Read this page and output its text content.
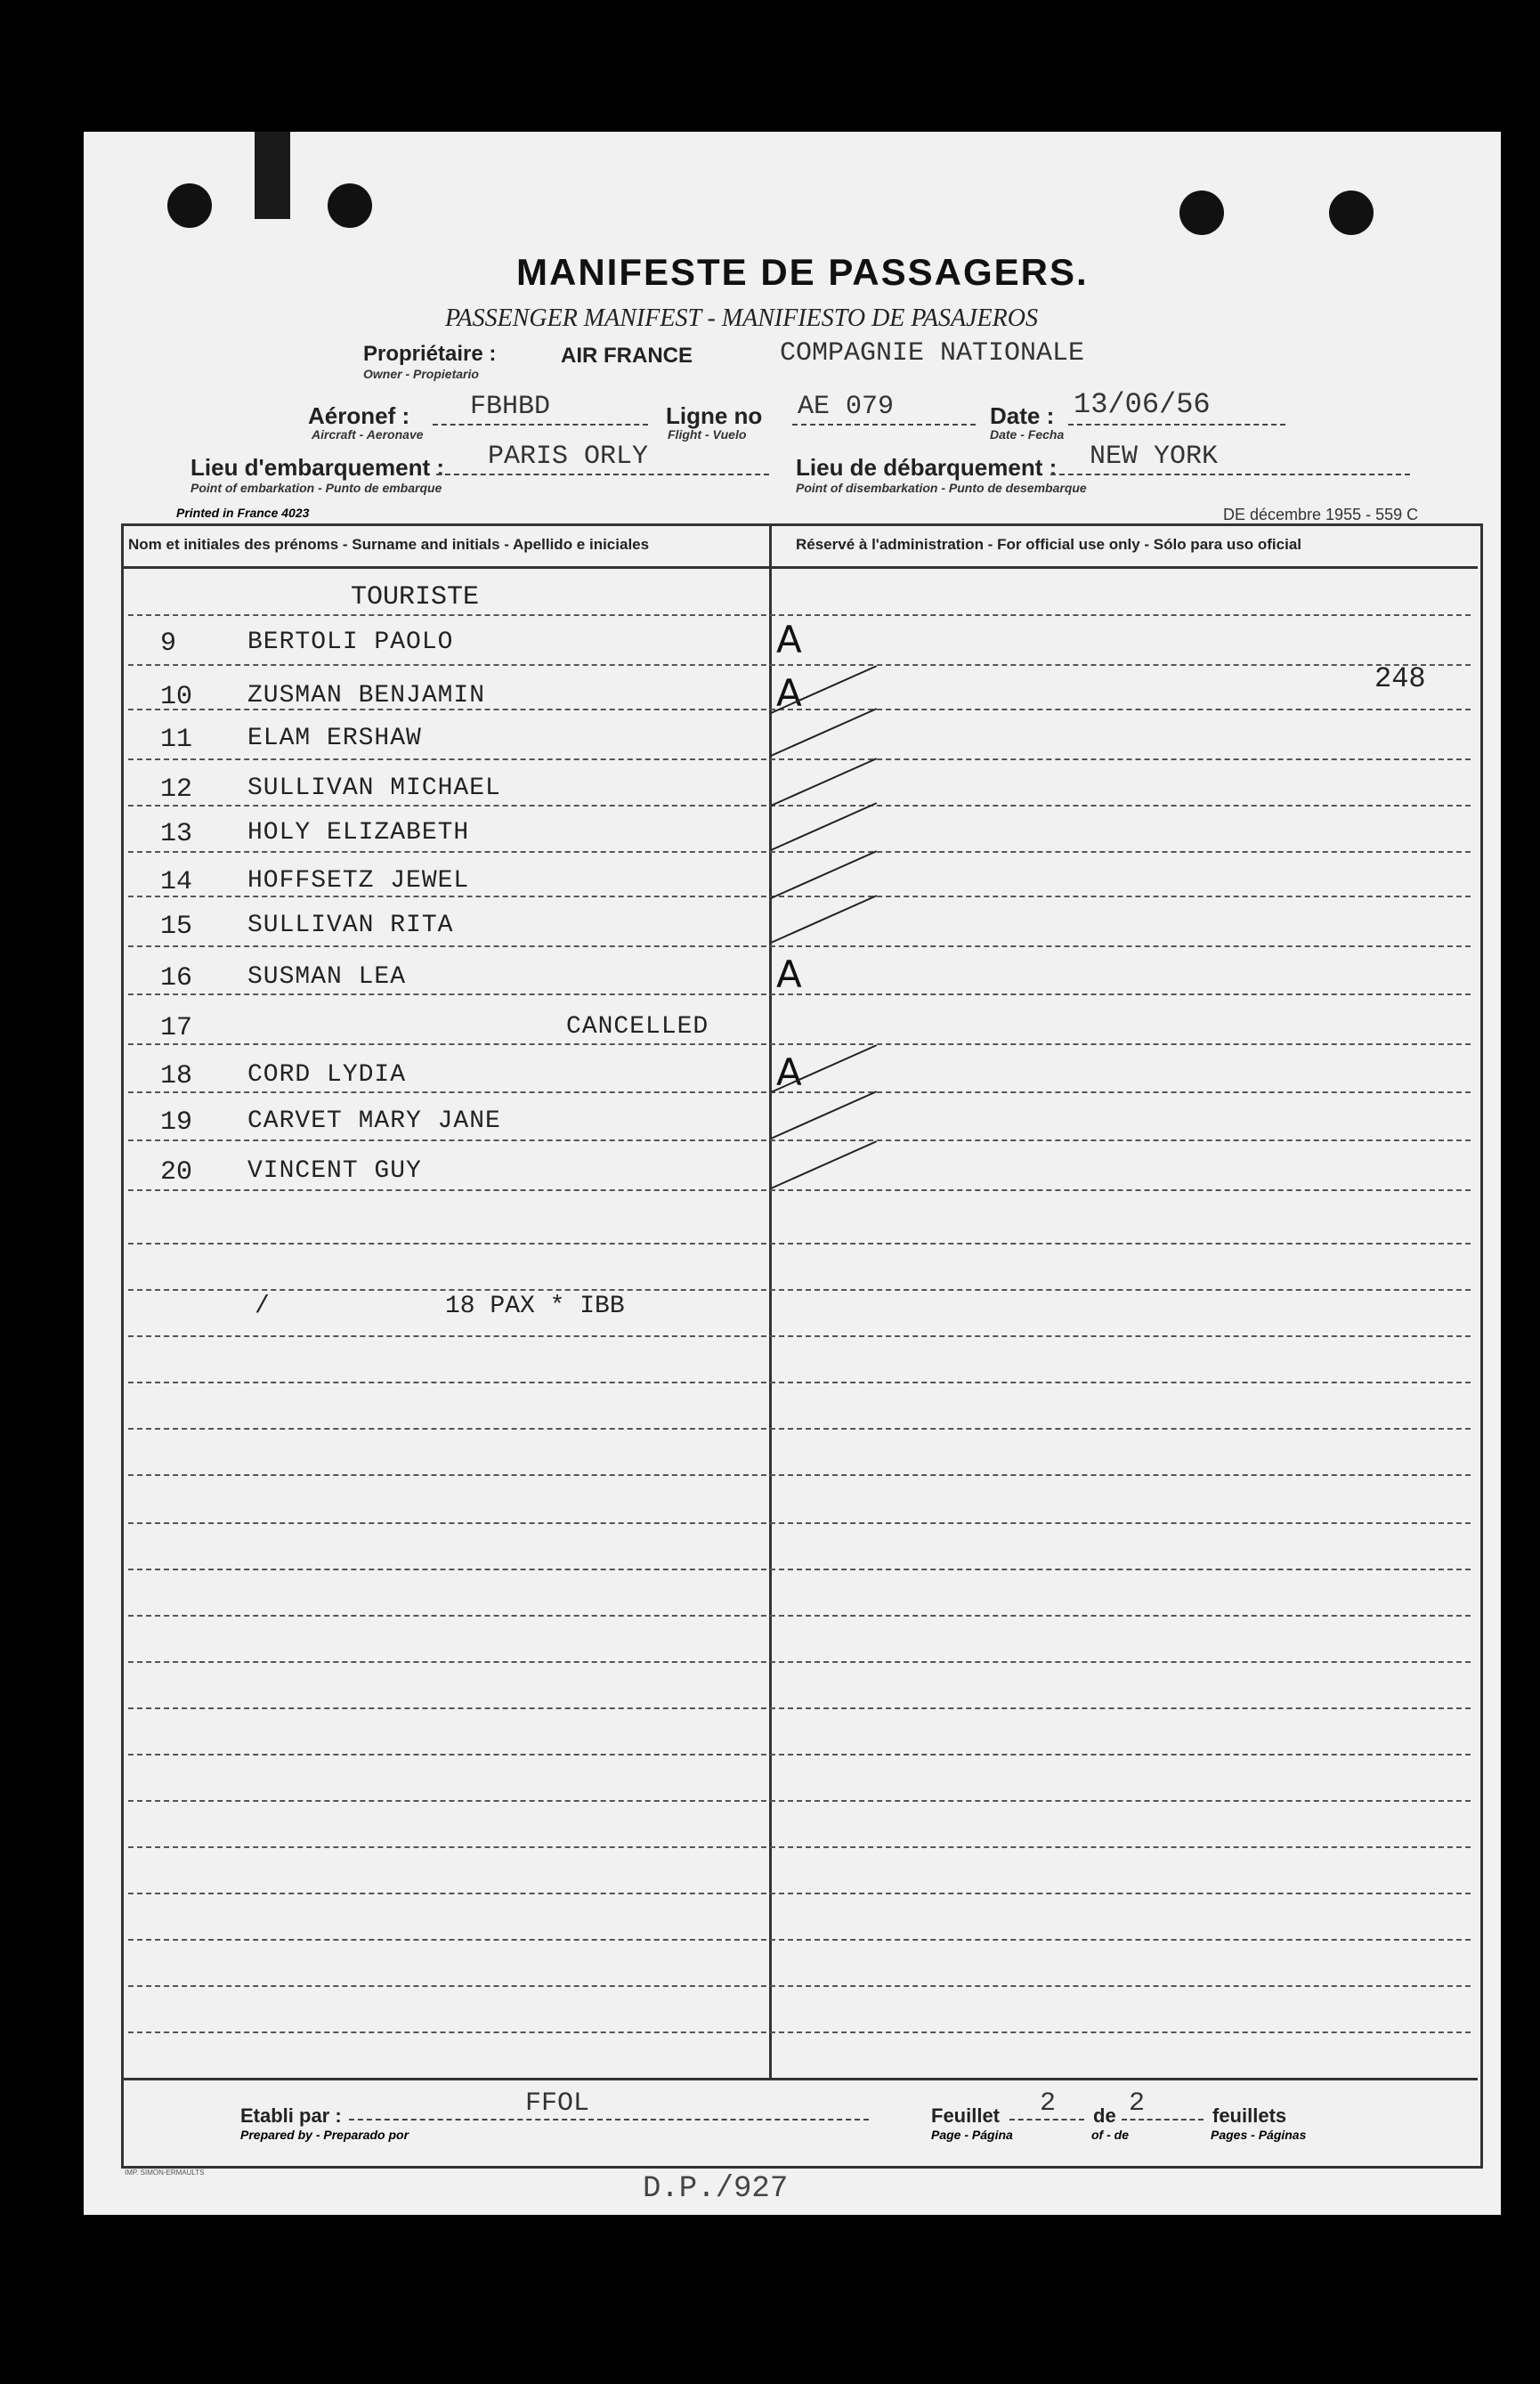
MANIFESTE DE PASSAGERS.
PASSENGER MANIFEST - MANIFIESTO DE PASAJEROS
Propriétaire :
Owner - Propietario
AIR FRANCE	COMPAGNIE NATIONALE
Aéronef :
Aircraft - Aeronave
FBHBD	Ligne no
Flight - Vuelo
AE 079	Date :
Date - Fecha
13/06/56
Lieu d'embarquement :
Point of embarkation - Punto de embarque
PARIS ORLY	Lieu de débarquement :
Point of disembarkation - Punto de desembarque
NEW YORK
Printed in France 4023	DE décembre 1955 - 559 C
Nom et initiales des prénoms - Surname and initials - Apellido e iniciales	Réservé à l'administration - For official use only - Sólo para uso oficial
TOURISTE
248
9	BERTOLI PAOLO	A
10	ZUSMAN BENJAMIN	A
11	ELAM ERSHAW
12	SULLIVAN MICHAEL
13	HOLY ELIZABETH
14	HOFFSETZ JEWEL
15	SULLIVAN RITA
16	SUSMAN LEA	A
17	CANCELLED
18	CORD LYDIA	A
19	CARVET MARY JANE
20	VINCENT GUY
/	18 PAX * IBB
Etabli par :
Prepared by - Preparado por
FFOL	Feuillet
Page - Página
2 de
of - de
2	feuillets
Pages - Páginas
IMP. SIMON-ERMAULTS	D.P./927
